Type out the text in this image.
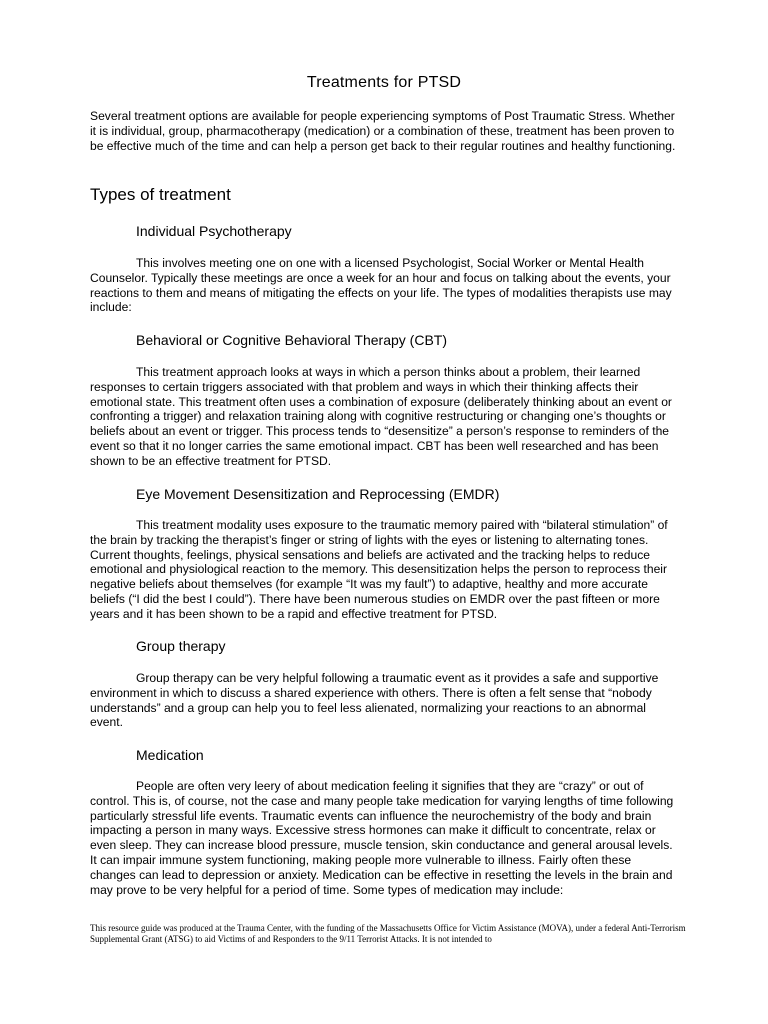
Treatments for PTSD

Several treatment options are available for people experiencing symptoms of Post Traumatic Stress. Whether it is individual, group, pharmacotherapy (medication) or a combination of these, treatment has been proven to be effective much of the time and can help a person get back to their regular routines and healthy functioning.

Types of treatment
Individual Psychotherapy

This involves meeting one on one with a licensed Psychologist, Social Worker or Mental Health Counselor. Typically these meetings are once a week for an hour and focus on talking about the events, your reactions to them and means of mitigating the effects on your life. The types of modalities therapists use may include:

Behavioral or Cognitive Behavioral Therapy (CBT)

This treatment approach looks at ways in which a person thinks about a problem, their learned responses to certain triggers associated with that problem and ways in which their thinking affects their emotional state. This treatment often uses a combination of exposure (deliberately thinking about an event or confronting a trigger) and relaxation training along with cognitive restructuring or changing one’s thoughts or beliefs about an event or trigger. This process tends to “desensitize” a person’s response to reminders of the event so that it no longer carries the same emotional impact. CBT has been well researched and has been shown to be an effective treatment for PTSD.

Eye Movement Desensitization and Reprocessing (EMDR)

This treatment modality uses exposure to the traumatic memory paired with “bilateral stimulation” of the brain by tracking the therapist’s finger or string of lights with the eyes or listening to alternating tones. Current thoughts, feelings, physical sensations and beliefs are activated and the tracking helps to reduce emotional and physiological reaction to the memory. This desensitization helps the person to reprocess their negative beliefs about themselves (for example “It was my fault”) to adaptive, healthy and more accurate beliefs (“I did the best I could”). There have been numerous studies on EMDR over the past fifteen or more years and it has been shown to be a rapid and effective treatment for PTSD.

Group therapy

Group therapy can be very helpful following a traumatic event as it provides a safe and supportive environment in which to discuss a shared experience with others. There is often a felt sense that “nobody understands” and a group can help you to feel less alienated, normalizing your reactions to an abnormal event.

Medication

People are often very leery of about medication feeling it signifies that they are “crazy” or out of control. This is, of course, not the case and many people take medication for varying lengths of time following particularly stressful life events. Traumatic events can influence the neurochemistry of the body and brain impacting a person in many ways. Excessive stress hormones can make it difficult to concentrate, relax or even sleep. They can increase blood pressure, muscle tension, skin conductance and general arousal levels. It can impair immune system functioning, making people more vulnerable to illness. Fairly often these changes can lead to depression or anxiety. Medication can be effective in resetting the levels in the brain and may prove to be very helpful for a period of time. Some types of medication may include:

This resource guide was produced at the Trauma Center, with the funding of the Massachusetts Office for Victim Assistance (MOVA), under a federal Anti-Terrorism Supplemental Grant (ATSG) to aid Victims of and Responders to the 9/11 Terrorist Attacks. It is not intended to
